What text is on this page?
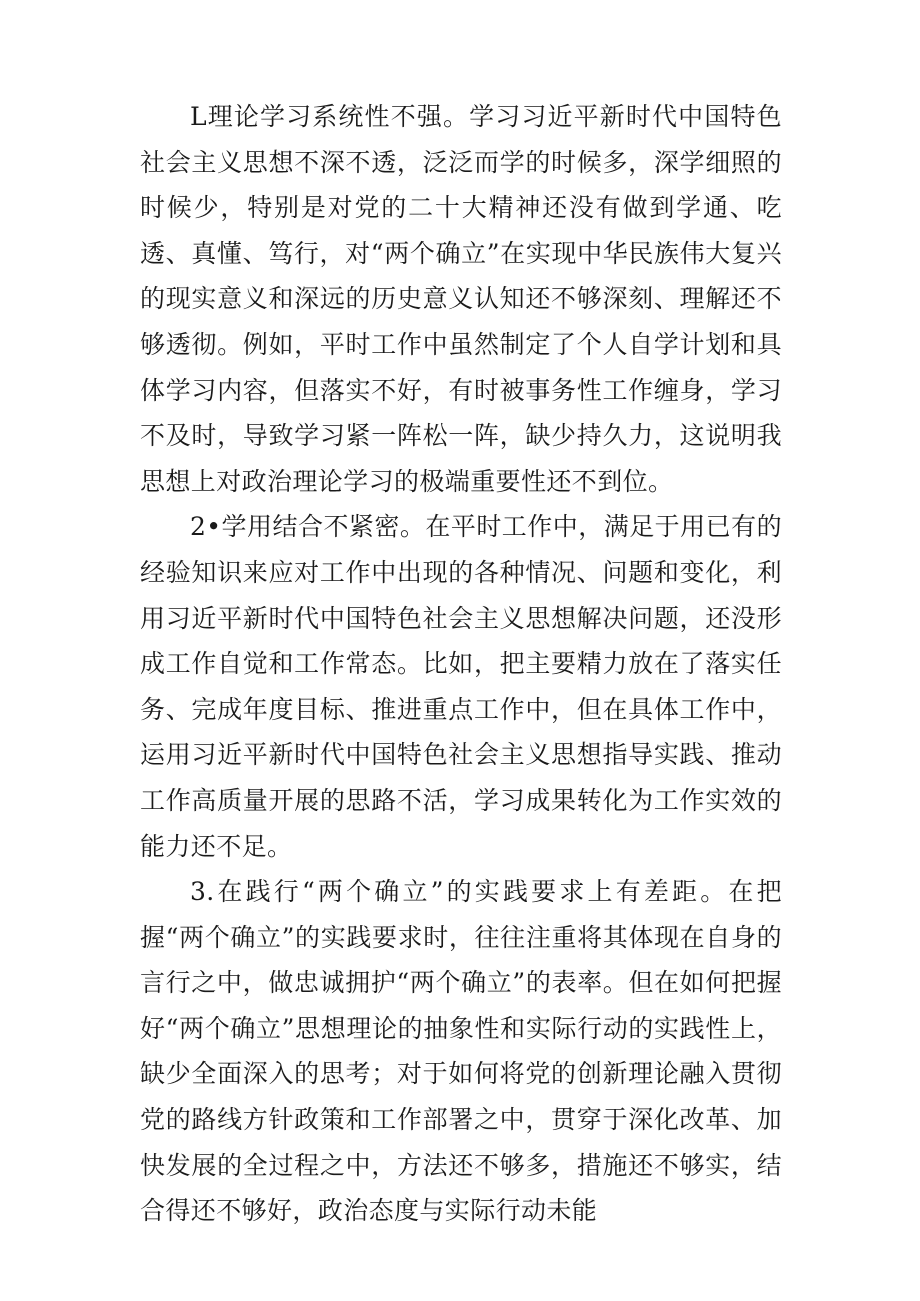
L理论学习系统性不强。学习习近平新时代中国特色社会主义思想不深不透，泛泛而学的时候多，深学细照的时候少，特别是对党的二十大精神还没有做到学通、吃透、真懂、笃行，对“两个确立”在实现中华民族伟大复兴的现实意义和深远的历史意义认知还不够深刻、理解还不够透彻。例如，平时工作中虽然制定了个人自学计划和具体学习内容，但落实不好，有时被事务性工作缠身，学习不及时，导致学习紧一阵松一阵，缺少持久力，这说明我思想上对政治理论学习的极端重要性还不到位。

2•学用结合不紧密。在平时工作中，满足于用已有的经验知识来应对工作中出现的各种情况、问题和变化，利用习近平新时代中国特色社会主义思想解决问题，还没形成工作自觉和工作常态。比如，把主要精力放在了落实任务、完成年度目标、推进重点工作中，但在具体工作中，运用习近平新时代中国特色社会主义思想指导实践、推动工作高质量开展的思路不活，学习成果转化为工作实效的能力还不足。

3.在践行“两个确立”的实践要求上有差距。在把握“两个确立”的实践要求时，往往注重将其体现在自身的言行之中，做忠诚拥护“两个确立”的表率。但在如何把握好“两个确立”思想理论的抽象性和实际行动的实践性上，缺少全面深入的思考；对于如何将党的创新理论融入贯彻党的路线方针政策和工作部署之中，贯穿于深化改革、加快发展的全过程之中，方法还不够多，措施还不够实，结合得还不够好，政治态度与实际行动未能
